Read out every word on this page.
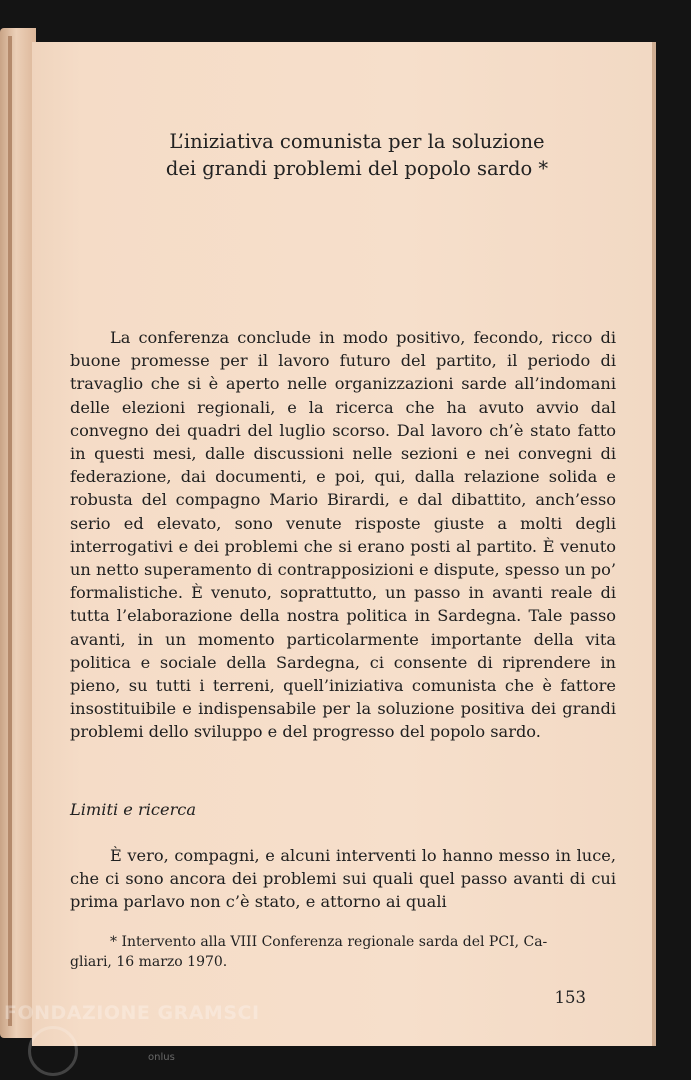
L’iniziativa comunista per la soluzione
dei grandi problemi del popolo sardo *

La conferenza conclude in modo positivo, fecondo, ricco di buone promesse per il lavoro futuro del partito, il periodo di travaglio che si è aperto nelle organizzazioni sarde all’indomani delle elezioni regionali, e la ricerca che ha avuto avvio dal convegno dei quadri del luglio scorso. Dal lavoro ch’è stato fatto in questi mesi, dalle discussioni nelle sezioni e nei convegni di federazione, dai documenti, e poi, qui, dalla relazione solida e robusta del compagno Mario Birardi, e dal dibattito, anch’esso serio ed elevato, sono venute risposte giuste a molti degli interrogativi e dei problemi che si erano posti al partito. È venuto un netto superamento di contrapposizioni e dispute, spesso un po’ formalistiche. È venuto, soprattutto, un passo in avanti reale di tutta l’elaborazione della nostra politica in Sardegna. Tale passo avanti, in un momento particolarmente importante della vita politica e sociale della Sardegna, ci consente di riprendere in pieno, su tutti i terreni, quell’iniziativa comunista che è fattore insostituibile e indispensabile per la soluzione positiva dei grandi problemi dello sviluppo e del progresso del popolo sardo.

Limiti e ricerca

È vero, compagni, e alcuni interventi lo hanno messo in luce, che ci sono ancora dei problemi sui quali quel passo avanti di cui prima parlavo non c’è stato, e attorno ai quali

* Intervento alla VIII Conferenza regionale sarda del PCI, Ca-
gliari, 16 marzo 1970.
153
FONDAZIONE GRAMSCI
onlus
